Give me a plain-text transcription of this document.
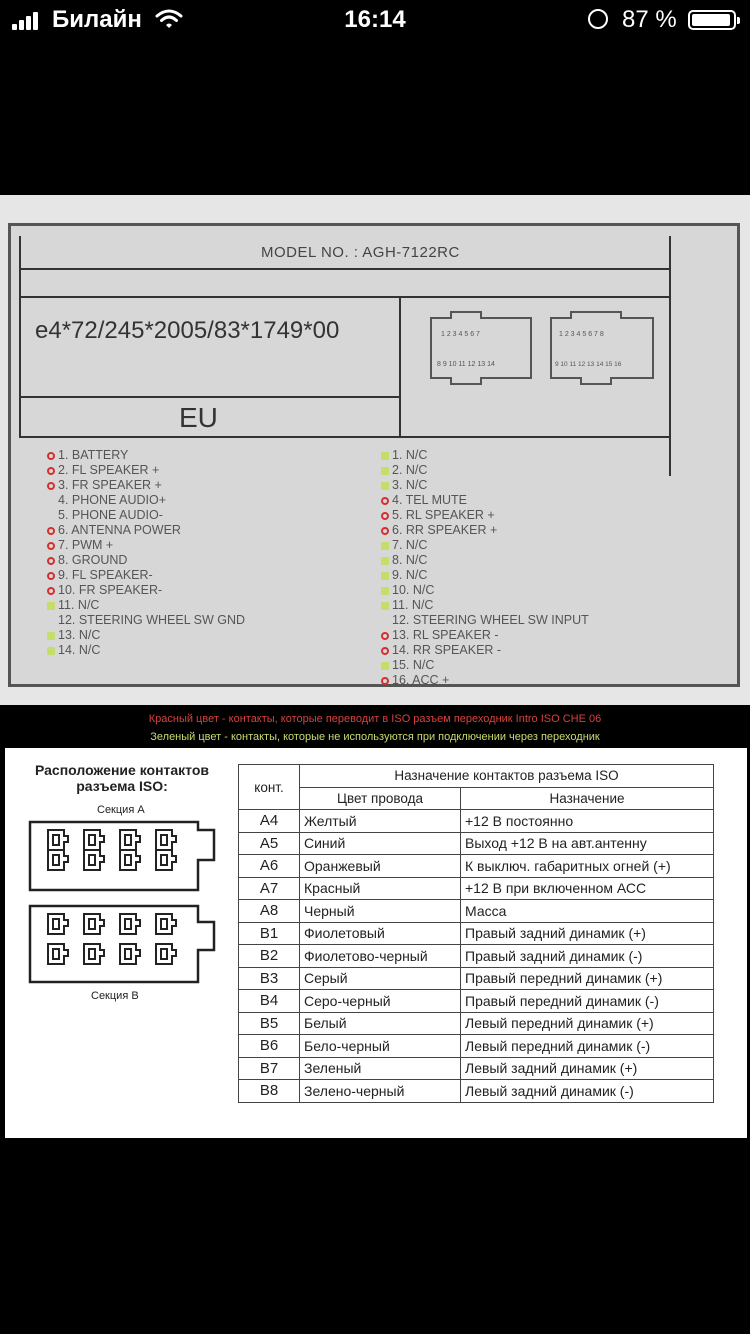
Билайн	16:14	87 %
MODEL NO. : AGH-7122RC
e4*72/245*2005/83*1749*00
EU
1 2 3 4 5 6 7
8 9 10 11 12 13 14
1 2 3 4 5 6 7 8
9 10 11 12 13 14 15 16
1. BATTERY
2. FL SPEAKER +
3. FR SPEAKER +
4. PHONE AUDIO+
5. PHONE AUDIO-
6. ANTENNA POWER
7. PWM +
8. GROUND
9. FL SPEAKER-
10. FR SPEAKER-
11. N/C
12. STEERING WHEEL SW GND
13. N/C
14. N/C
1. N/C
2. N/C
3. N/C
4. TEL MUTE
5. RL SPEAKER +
6. RR SPEAKER +
7. N/C
8. N/C
9. N/C
10. N/C
11. N/C
12. STEERING WHEEL SW INPUT
13. RL SPEAKER -
14. RR SPEAKER -
15. N/C
16. ACC +
Красный цвет - контакты, которые переводит в ISO разъем переходник Intro ISO CHE 06
Зеленый цвет - контакты, которые не используются при подключении через переходник
Расположение контактов разъема ISO:
Секция А
Секция В
конт.	Назначение контактов разъема ISO	
	Цвет провода	Назначение
A4	Желтый	+12 В постоянно
A5	Синий	Выход +12 В на авт.антенну
A6	Оранжевый	К выключ. габаритных огней (+)
A7	Красный	+12 В при включенном АСС
A8	Черный	Масса
B1	Фиолетовый	Правый задний динамик (+)
B2	Фиолетово-черный	Правый задний динамик (-)
B3	Серый	Правый передний динамик (+)
B4	Серо-черный	Правый передний динамик (-)
B5	Белый	Левый передний динамик (+)
B6	Бело-черный	Левый передний динамик (-)
B7	Зеленый	Левый задний динамик (+)
B8	Зелено-черный	Левый задний динамик (-)
